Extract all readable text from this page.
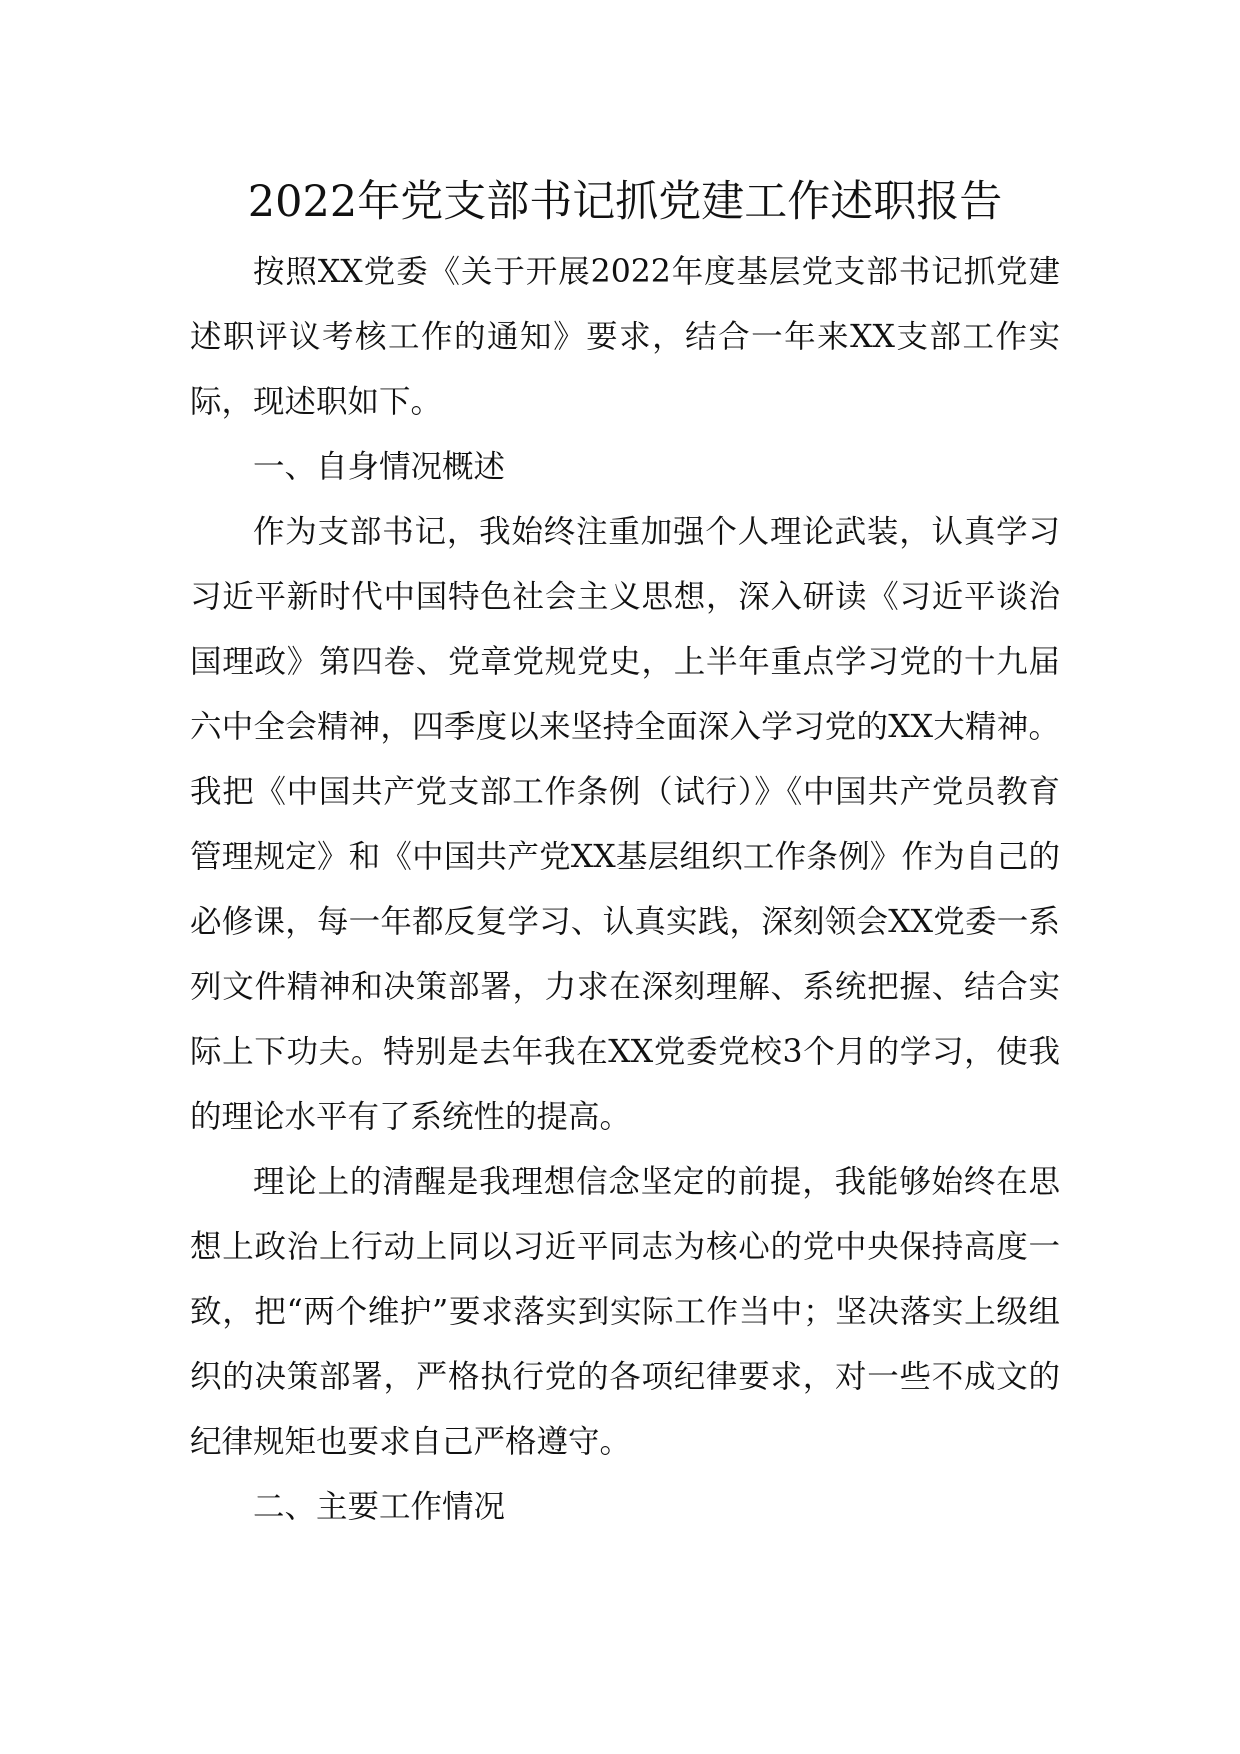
2022年党支部书记抓党建工作述职报告

按照XX党委《关于开展2022年度基层党支部书记抓党建述职评议考核工作的通知》要求，结合一年来XX支部工作实际，现述职如下。

一、自身情况概述

作为支部书记，我始终注重加强个人理论武装，认真学习习近平新时代中国特色社会主义思想，深入研读《习近平谈治国理政》第四卷、党章党规党史，上半年重点学习党的十九届六中全会精神，四季度以来坚持全面深入学习党的XX大精神。我把《中国共产党支部工作条例（试行）》《中国共产党员教育管理规定》和《中国共产党XX基层组织工作条例》作为自己的必修课，每一年都反复学习、认真实践，深刻领会XX党委一系列文件精神和决策部署，力求在深刻理解、系统把握、结合实际上下功夫。特别是去年我在XX党委党校3个月的学习，使我的理论水平有了系统性的提高。

理论上的清醒是我理想信念坚定的前提，我能够始终在思想上政治上行动上同以习近平同志为核心的党中央保持高度一致，把“两个维护”要求落实到实际工作当中；坚决落实上级组织的决策部署，严格执行党的各项纪律要求，对一些不成文的纪律规矩也要求自己严格遵守。

二、主要工作情况
